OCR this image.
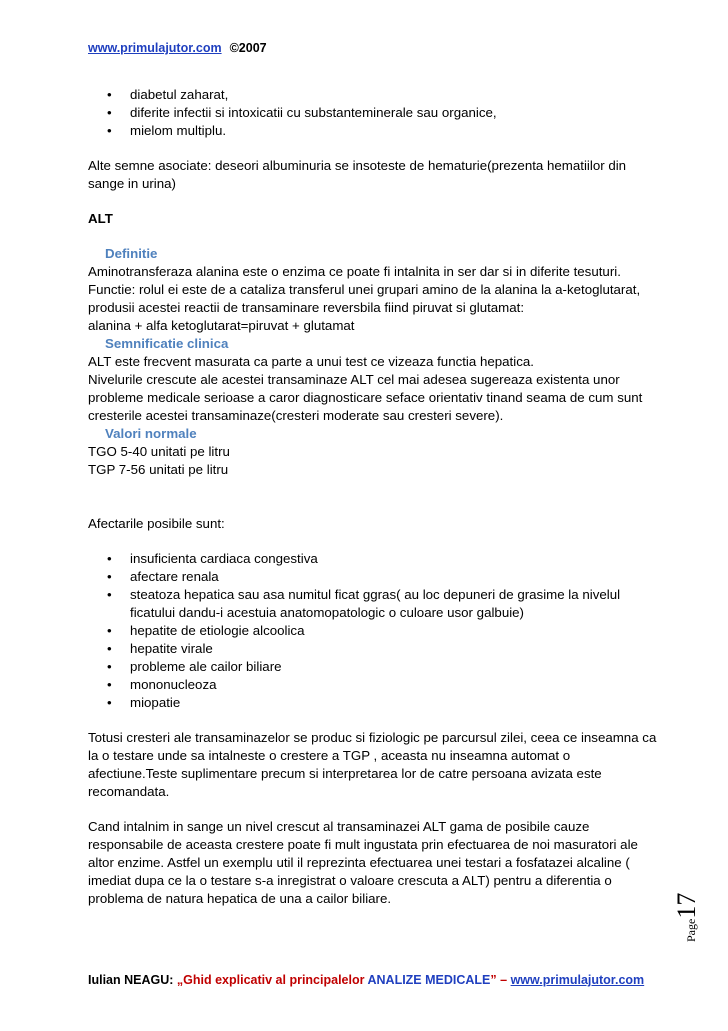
www.primulajutor.com ©2007
• diabetul zaharat,
• diferite infectii si intoxicatii cu substanteminerale sau organice,
• mielom multiplu.

Alte semne asociate: deseori albuminuria se insoteste de hematurie(prezenta hematiilor din sange in urina)

ALT

Definitie

Aminotransferaza alanina este o enzima ce poate fi intalnita in ser dar si in diferite tesuturi.

Functie: rolul ei este de a cataliza transferul unei grupari amino de la alanina la a-ketoglutarat, produsii acestei reactii de transaminare reversbila fiind piruvat si glutamat:

alanina + alfa ketoglutarat=piruvat + glutamat

Semnificatie clinica

ALT este frecvent masurata ca parte a unui test ce vizeaza functia hepatica.

Nivelurile crescute ale acestei transaminaze ALT cel mai adesea sugereaza existenta unor probleme medicale serioase a caror diagnosticare seface orientativ tinand seama de cum sunt cresterile acestei transaminaze(cresteri moderate sau cresteri severe).

Valori normale

TGO 5-40 unitati pe litru

TGP 7-56 unitati pe litru

Afectarile posibile sunt:

• insuficienta cardiaca congestiva
• afectare renala
• steatoza hepatica sau asa numitul ficat ggras( au loc depuneri de grasime la nivelul ficatului dandu-i acestuia anatomopatologic o culoare usor galbuie)
• hepatite de etiologie alcoolica
• hepatite virale
• probleme ale cailor biliare
• mononucleoza
• miopatie

Totusi cresteri ale transaminazelor se produc si fiziologic pe parcursul zilei, ceea ce inseamna ca la o testare unde sa intalneste o crestere a TGP , aceasta nu inseamna automat o afectiune.Teste suplimentare precum si interpretarea lor de catre persoana avizata este recomandata.

Cand intalnim in sange un nivel crescut al transaminazei ALT gama de posibile cauze responsabile de aceasta crestere poate fi mult ingustata prin efectuarea de noi masuratori ale altor enzime. Astfel un exemplu util il reprezinta efectuarea unei testari a fosfatazei alcaline ( imediat dupa ce la o testare s-a inregistrat o valoare crescuta a ALT) pentru a diferentia o problema de natura hepatica de una a cailor biliare.

Page17
Iulian NEAGU: „Ghid explicativ al principalelor ANALIZE MEDICALE” – www.primulajutor.com
